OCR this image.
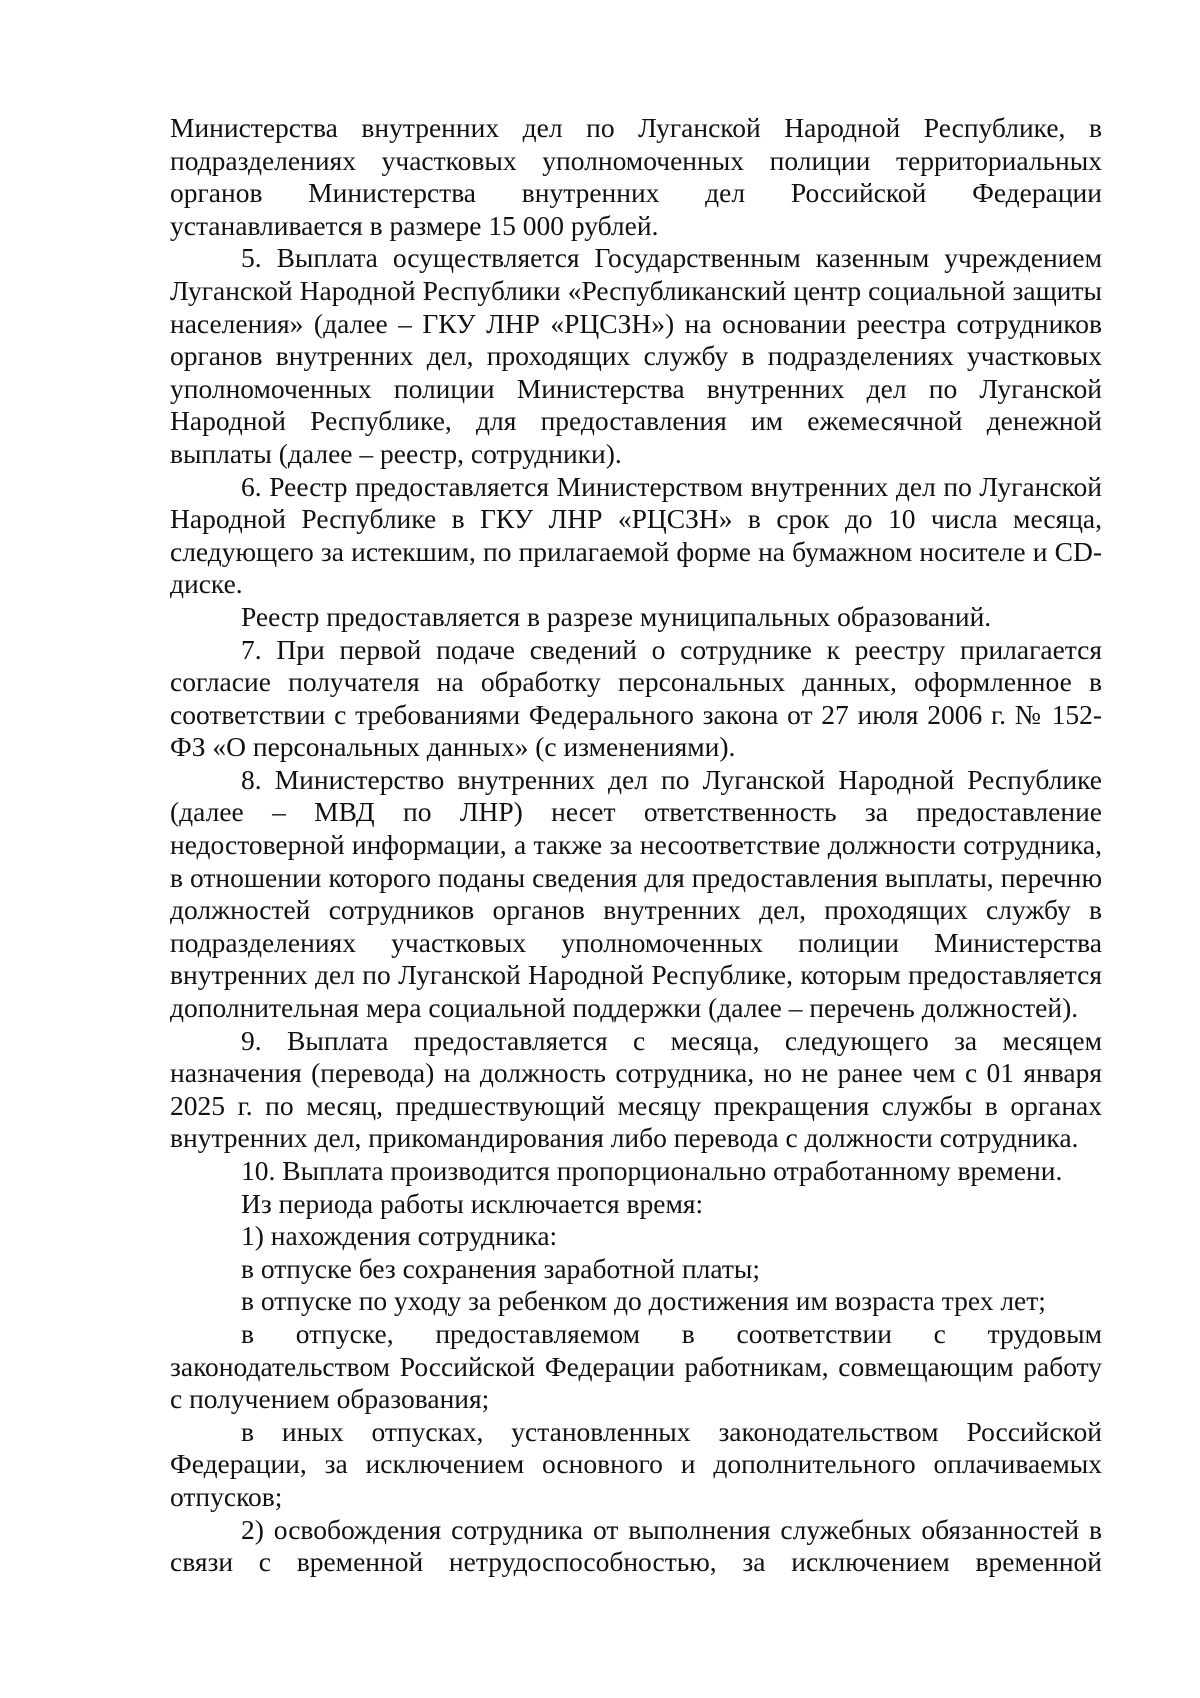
Министерства внутренних дел по Луганской Народной Республике, в подразделениях участковых уполномоченных полиции территориальных органов Министерства внутренних дел Российской Федерации устанавливается в размере 15 000 рублей.

5. Выплата осуществляется Государственным казенным учреждением Луганской Народной Республики «Республиканский центр социальной защиты населения» (далее – ГКУ ЛНР «РЦСЗН») на основании реестра сотрудников органов внутренних дел, проходящих службу в подразделениях участковых уполномоченных полиции Министерства внутренних дел по Луганской Народной Республике, для предоставления им ежемесячной денежной выплаты (далее – реестр, сотрудники).

6. Реестр предоставляется Министерством внутренних дел по Луганской Народной Республике в ГКУ ЛНР «РЦСЗН» в срок до 10 числа месяца, следующего за истекшим, по прилагаемой форме на бумажном носителе и CD-диске.

Реестр предоставляется в разрезе муниципальных образований.

7. При первой подаче сведений о сотруднике к реестру прилагается согласие получателя на обработку персональных данных, оформленное в соответствии с требованиями Федерального закона от 27 июля 2006 г. № 152-ФЗ «О персональных данных» (с изменениями).

8. Министерство внутренних дел по Луганской Народной Республике (далее – МВД по ЛНР) несет ответственность за предоставление недостоверной информации, а также за несоответствие должности сотрудника, в отношении которого поданы сведения для предоставления выплаты, перечню должностей сотрудников органов внутренних дел, проходящих службу в подразделениях участковых уполномоченных полиции Министерства внутренних дел по Луганской Народной Республике, которым предоставляется дополнительная мера социальной поддержки (далее – перечень должностей).

9. Выплата предоставляется с месяца, следующего за месяцем назначения (перевода) на должность сотрудника, но не ранее чем с 01 января 2025 г. по месяц, предшествующий месяцу прекращения службы в органах внутренних дел, прикомандирования либо перевода с должности сотрудника.

10. Выплата производится пропорционально отработанному времени.

Из периода работы исключается время:

1) нахождения сотрудника:

в отпуске без сохранения заработной платы;

в отпуске по уходу за ребенком до достижения им возраста трех лет;

в отпуске, предоставляемом в соответствии с трудовым законодательством Российской Федерации работникам, совмещающим работу с получением образования;

в иных отпусках, установленных законодательством Российской Федерации, за исключением основного и дополнительного оплачиваемых отпусков;

2) освобождения сотрудника от выполнения служебных обязанностей в связи с временной нетрудоспособностью, за исключением временной
